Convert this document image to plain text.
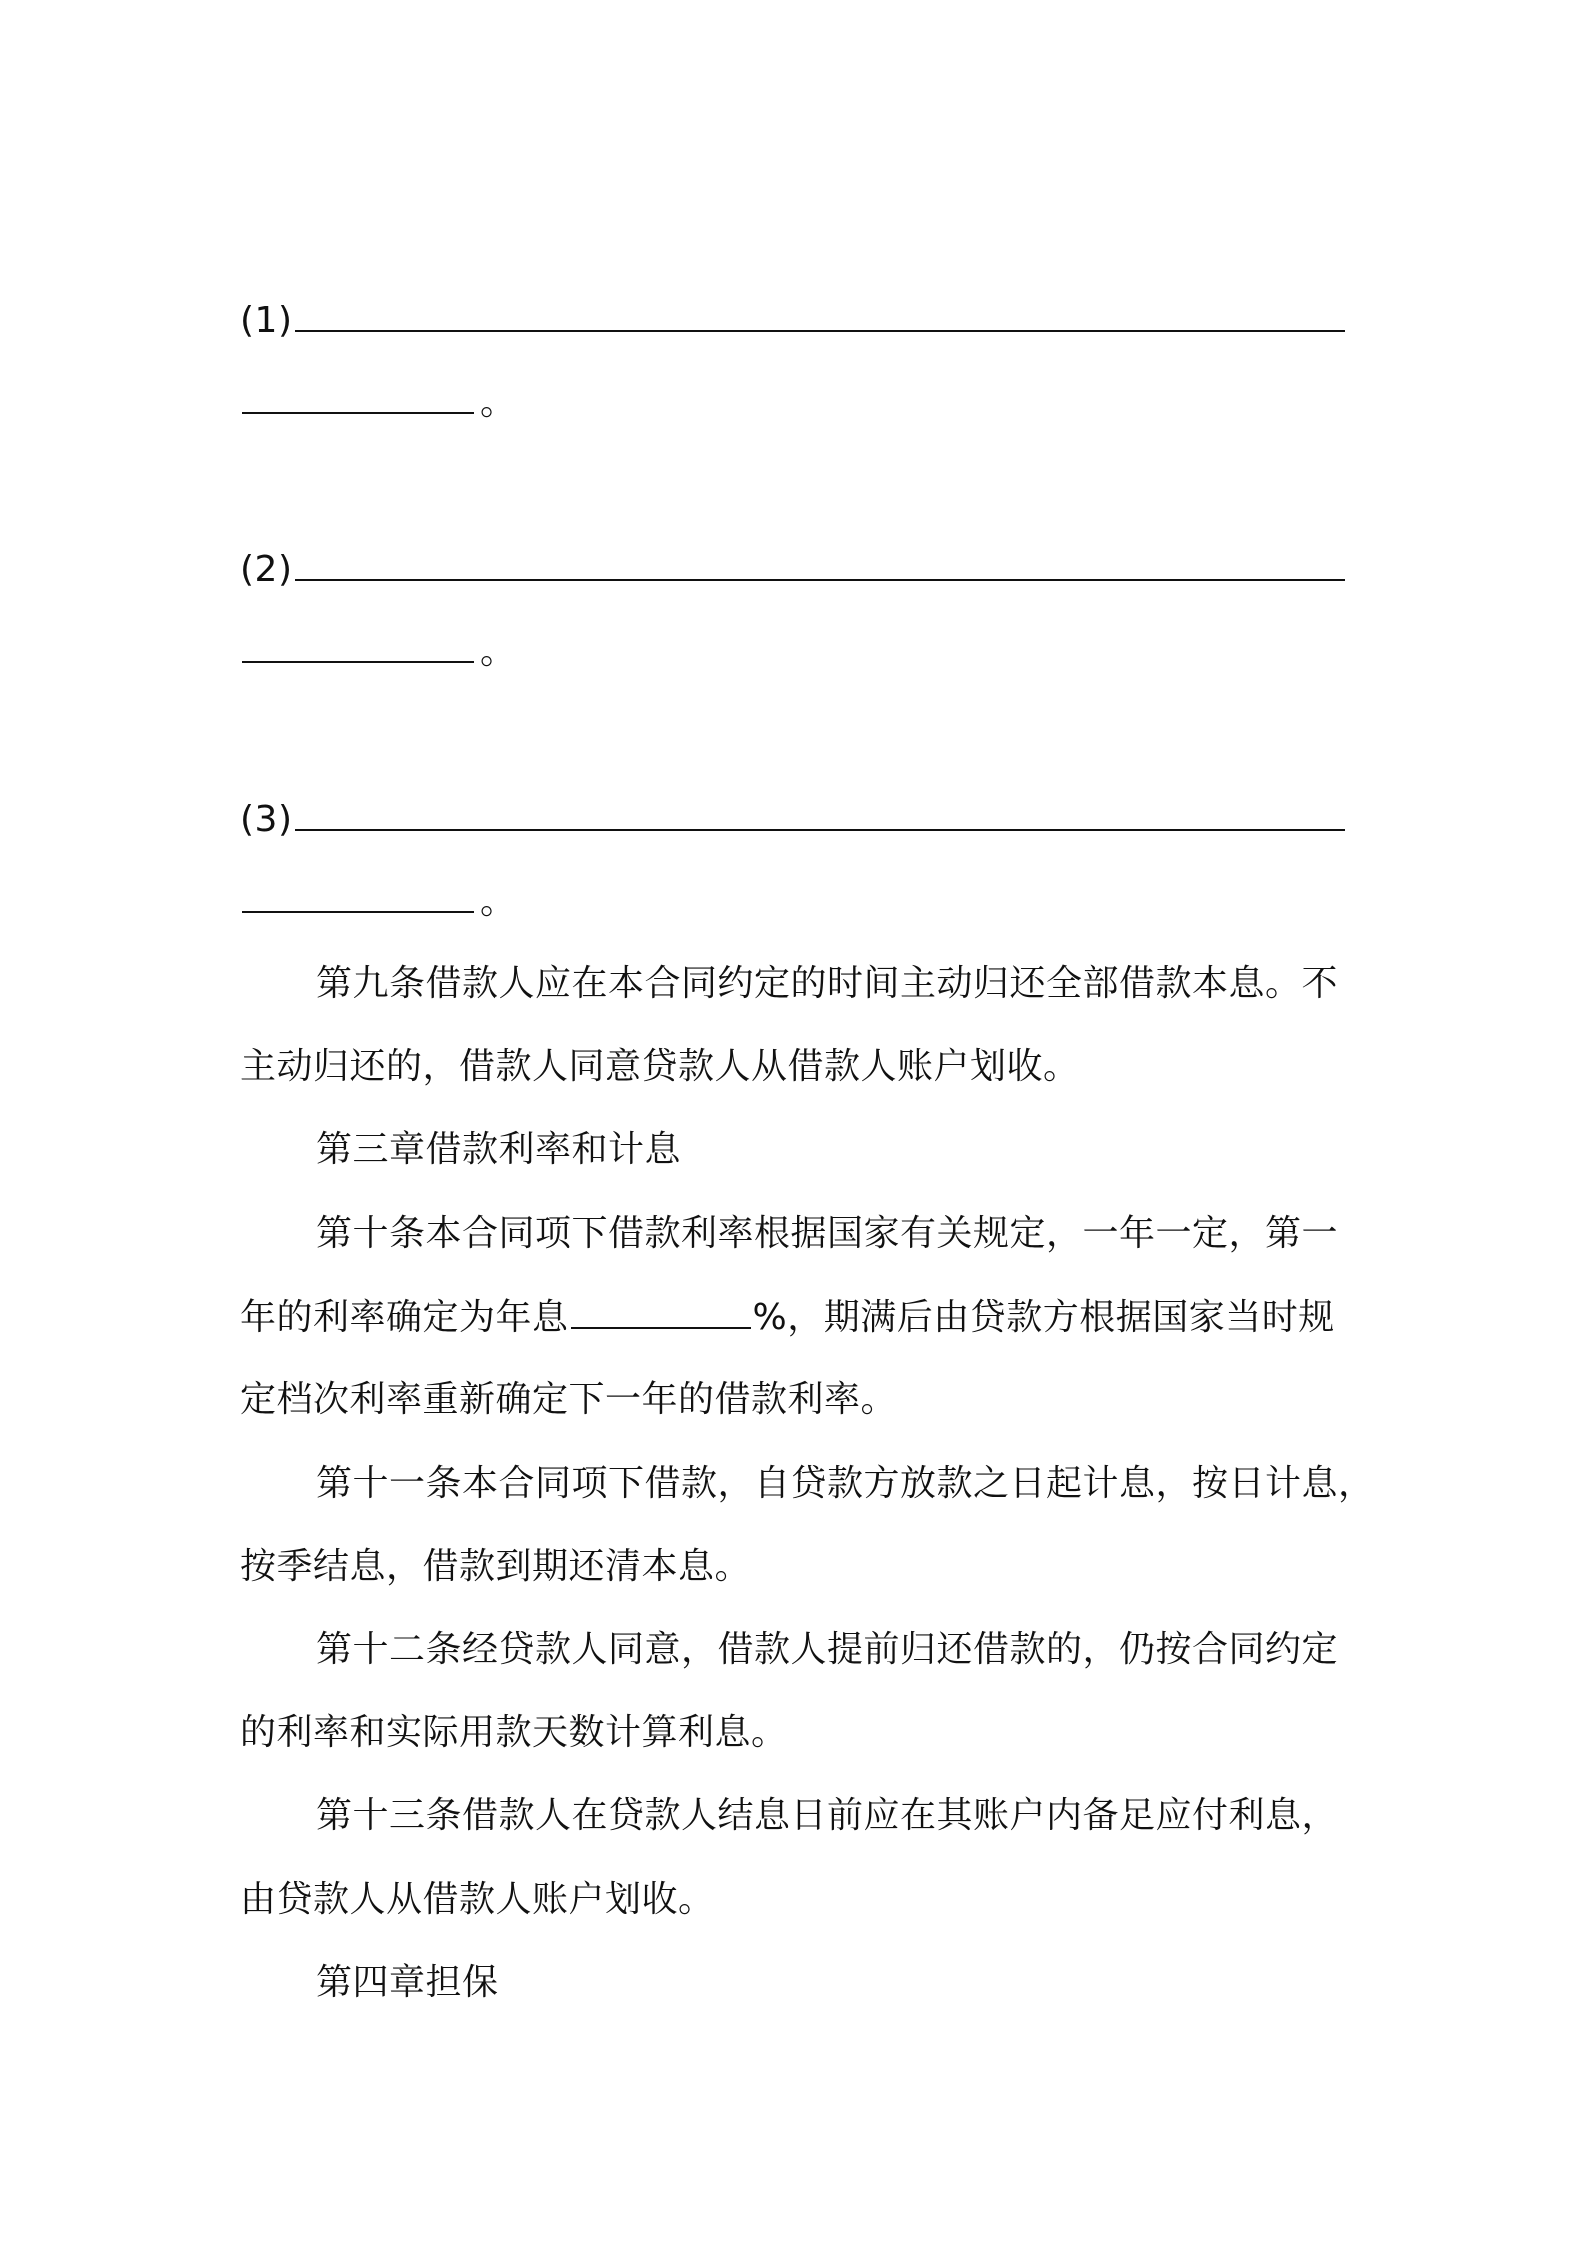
(1)
。
(2)
。
(3)
。
第九条借款人应在本合同约定的时间主动归还全部借款本息。不
主动归还的，借款人同意贷款人从借款人账户划收。
第三章借款利率和计息
第十条本合同项下借款利率根据国家有关规定，一年一定，第一
年的利率确定为年息	%，期满后由贷款方根据国家当时规
定档次利率重新确定下一年的借款利率。
第十一条本合同项下借款，自贷款方放款之日起计息，按日计息，
按季结息，借款到期还清本息。
第十二条经贷款人同意，借款人提前归还借款的，仍按合同约定
的利率和实际用款天数计算利息。
第十三条借款人在贷款人结息日前应在其账户内备足应付利息，
由贷款人从借款人账户划收。
第四章担保
